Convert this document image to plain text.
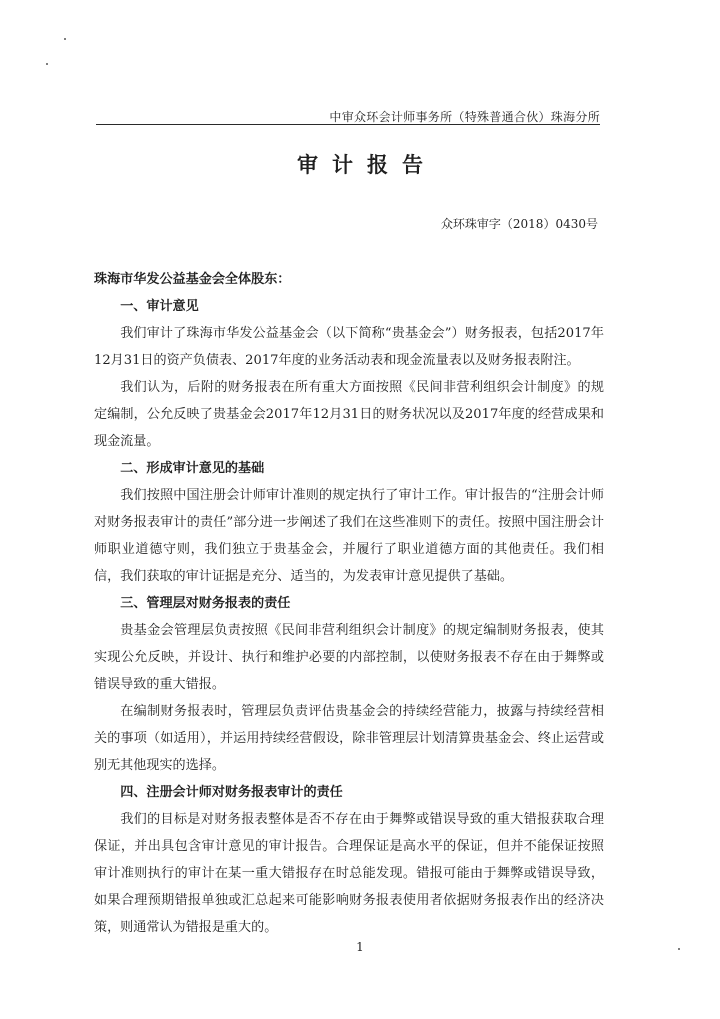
中审众环会计师事务所（特殊普通合伙）珠海分所
审计报告
众环珠审字（2018）0430号

珠海市华发公益基金会全体股东：

一、审计意见

我们审计了珠海市华发公益基金会（以下简称“贵基金会”）财务报表，包括2017年12月31日的资产负债表、2017年度的业务活动表和现金流量表以及财务报表附注。

我们认为，后附的财务报表在所有重大方面按照《民间非营利组织会计制度》的规定编制，公允反映了贵基金会2017年12月31日的财务状况以及2017年度的经营成果和现金流量。

二、形成审计意见的基础

我们按照中国注册会计师审计准则的规定执行了审计工作。审计报告的“注册会计师对财务报表审计的责任”部分进一步阐述了我们在这些准则下的责任。按照中国注册会计师职业道德守则，我们独立于贵基金会，并履行了职业道德方面的其他责任。我们相信，我们获取的审计证据是充分、适当的，为发表审计意见提供了基础。

三、管理层对财务报表的责任

贵基金会管理层负责按照《民间非营利组织会计制度》的规定编制财务报表，使其实现公允反映，并设计、执行和维护必要的内部控制，以使财务报表不存在由于舞弊或错误导致的重大错报。

在编制财务报表时，管理层负责评估贵基金会的持续经营能力，披露与持续经营相关的事项（如适用），并运用持续经营假设，除非管理层计划清算贵基金会、终止运营或别无其他现实的选择。

四、注册会计师对财务报表审计的责任

我们的目标是对财务报表整体是否不存在由于舞弊或错误导致的重大错报获取合理保证，并出具包含审计意见的审计报告。合理保证是高水平的保证，但并不能保证按照审计准则执行的审计在某一重大错报存在时总能发现。错报可能由于舞弊或错误导致，如果合理预期错报单独或汇总起来可能影响财务报表使用者依据财务报表作出的经济决策，则通常认为错报是重大的。

1
